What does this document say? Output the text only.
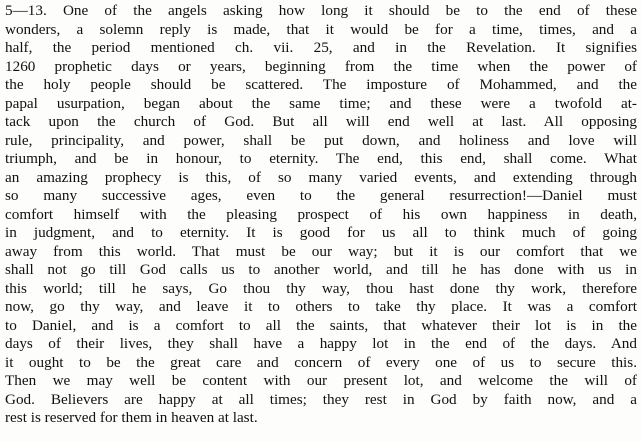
5—13. One of the angels asking how long it should be to the end of these
wonders, a solemn reply is made, that it would be for a time, times, and a
half, the period mentioned ch. vii. 25, and in the Revelation. It signifies
1260 prophetic days or years, beginning from the time when the power of
the holy people should be scattered. The imposture of Mohammed, and the
papal usurpation, began about the same time; and these were a twofold at-
tack upon the church of God. But all will end well at last. All opposing
rule, principality, and power, shall be put down, and holiness and love will
triumph, and be in honour, to eternity. The end, this end, shall come. What
an amazing prophecy is this, of so many varied events, and extending through
so many successive ages, even to the general resurrection!—Daniel must
comfort himself with the pleasing prospect of his own happiness in death,
in judgment, and to eternity. It is good for us all to think much of going
away from this world. That must be our way; but it is our comfort that we
shall not go till God calls us to another world, and till he has done with us in
this world; till he says, Go thou thy way, thou hast done thy work, therefore
now, go thy way, and leave it to others to take thy place. It was a comfort
to Daniel, and is a comfort to all the saints, that whatever their lot is in the
days of their lives, they shall have a happy lot in the end of the days. And
it ought to be the great care and concern of every one of us to secure this.
Then we may well be content with our present lot, and welcome the will of
God. Believers are happy at all times; they rest in God by faith now, and a
rest is reserved for them in heaven at last.
